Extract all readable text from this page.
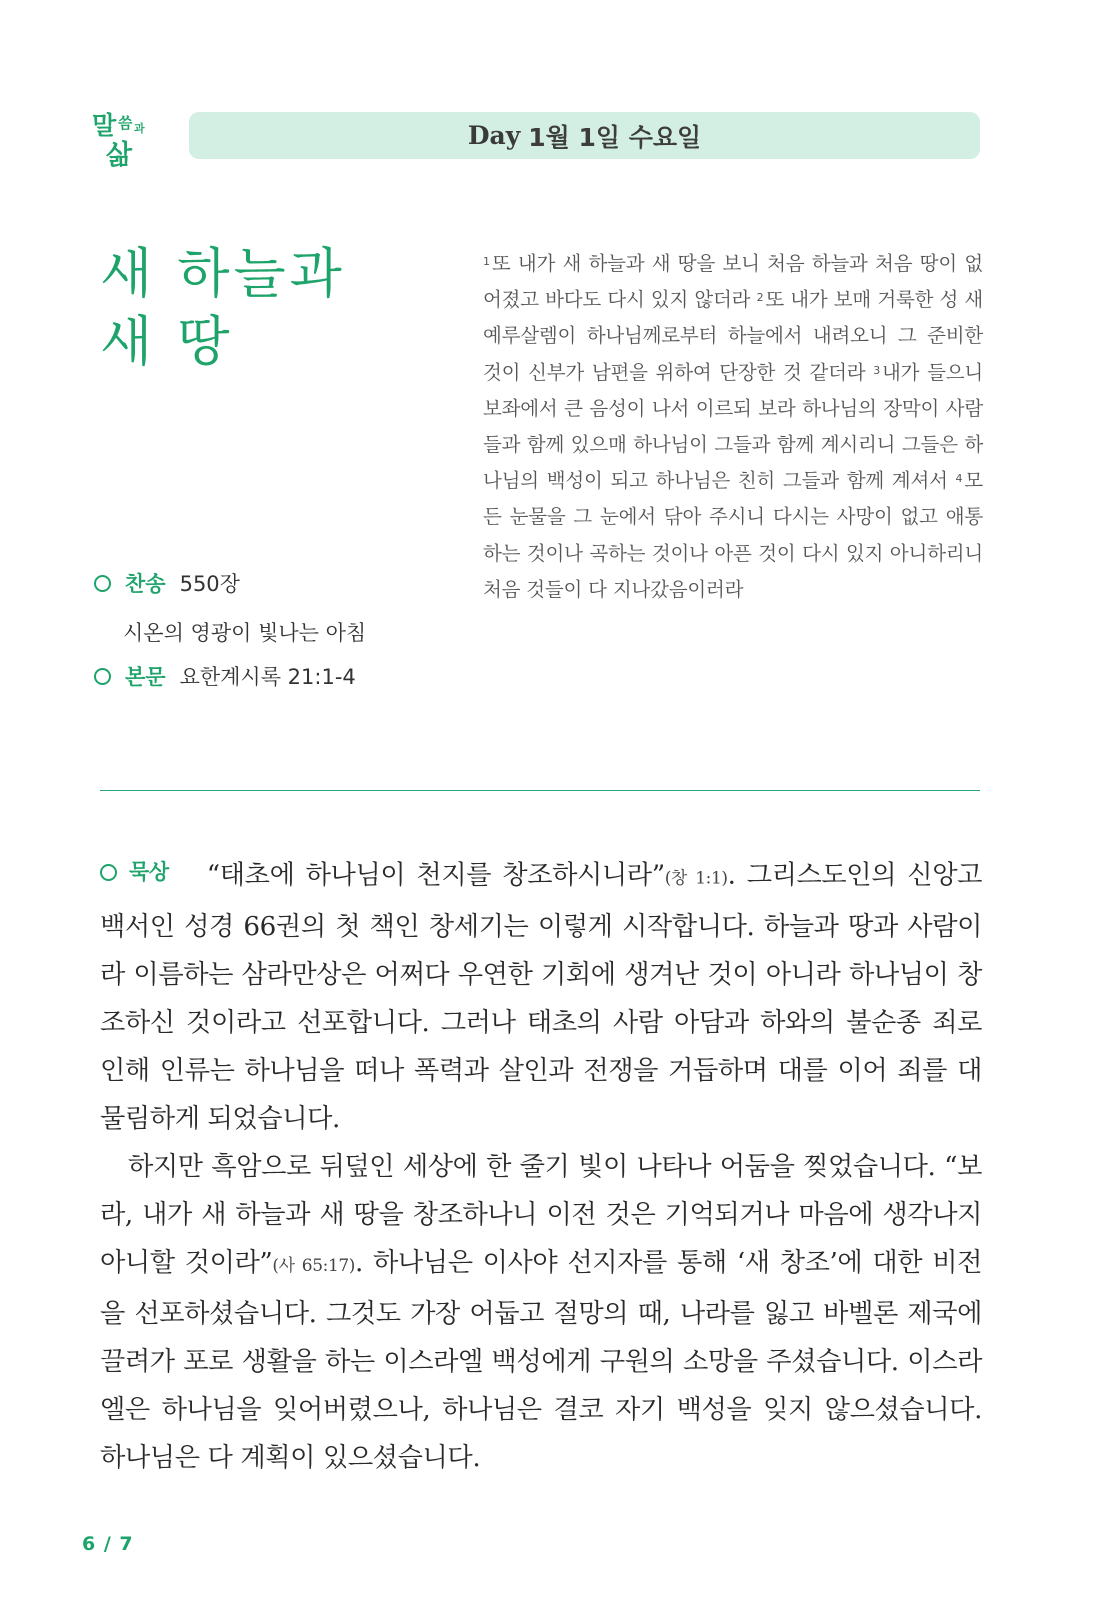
말 씀 과
삶
Day 1월 1일 수요일
새 하늘과
새 땅
$^1$ 또 내가 새 하늘과 새 땅을 보니 처음 하늘과 처음 땅이 없어졌고 바다도 다시 있지 않더라 $^2$ 또 내가 보매 거룩한 성 새 예루살렘이 하나님께로부터 하늘에서 내려오니 그 준비한 것이 신부가 남편을 위하여 단장한 것 같더라 $^3$ 내가 들으니 보좌에서 큰 음성이 나서 이르되 보라 하나님의 장막이 사람들과 함께 있으매 하나님이 그들과 함께 계시리니 그들은 하나님의 백성이 되고 하나님은 친히 그들과 함께 계셔서 $^4$ 모든 눈물을 그 눈에서 닦아 주시니 다시는 사망이 없고 애통하는 것이나 곡하는 것이나 아픈 것이 다시 있지 아니하리니 처음 것들이 다 지나갔음이러라
찬송 550장
시온의 영광이 빛나는 아침
본문 요한계시록 21:1-4

묵상 “태초에 하나님이 천지를 창조하시니라”(창 1:1). 그리스도인의 신앙고백서인 성경 66권의 첫 책인 창세기는 이렇게 시작합니다. 하늘과 땅과 사람이라 이름하는 삼라만상은 어쩌다 우연한 기회에 생겨난 것이 아니라 하나님이 창조하신 것이라고 선포합니다. 그러나 태초의 사람 아담과 하와의 불순종 죄로 인해 인류는 하나님을 떠나 폭력과 살인과 전쟁을 거듭하며 대를 이어 죄를 대물림하게 되었습니다.

하지만 흑암으로 뒤덮인 세상에 한 줄기 빛이 나타나 어둠을 찢었습니다. “보라, 내가 새 하늘과 새 땅을 창조하나니 이전 것은 기억되거나 마음에 생각나지 아니할 것이라”(사 65:17). 하나님은 이사야 선지자를 통해 ‘새 창조’에 대한 비전을 선포하셨습니다. 그것도 가장 어둡고 절망의 때, 나라를 잃고 바벨론 제국에 끌려가 포로 생활을 하는 이스라엘 백성에게 구원의 소망을 주셨습니다. 이스라엘은 하나님을 잊어버렸으나, 하나님은 결코 자기 백성을 잊지 않으셨습니다. 하나님은 다 계획이 있으셨습니다.

6 / 7
